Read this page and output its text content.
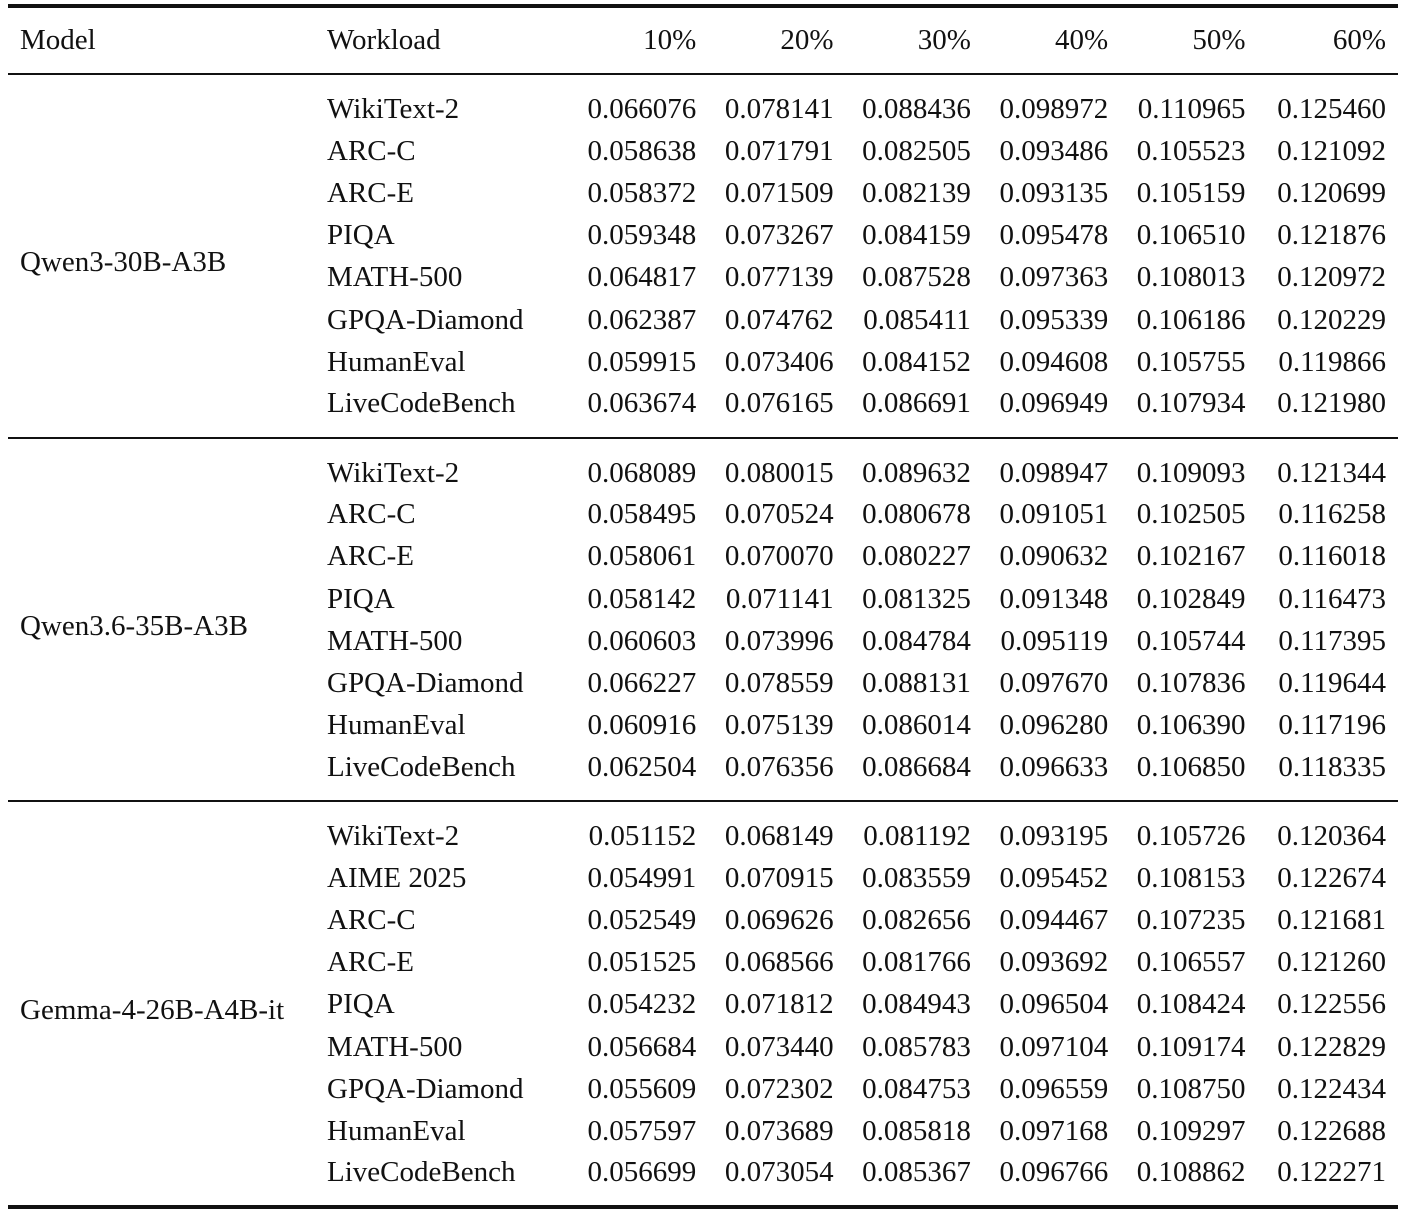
Model	Workload	10%	20%	30%	40%	50%	60%
Qwen3-30B-A3B	WikiText-2	0.066076	0.078141	0.088436	0.098972	0.110965	0.125460
	ARC-C	0.058638	0.071791	0.082505	0.093486	0.105523	0.121092
	ARC-E	0.058372	0.071509	0.082139	0.093135	0.105159	0.120699
	PIQA	0.059348	0.073267	0.084159	0.095478	0.106510	0.121876
	MATH-500	0.064817	0.077139	0.087528	0.097363	0.108013	0.120972
	GPQA-Diamond	0.062387	0.074762	0.085411	0.095339	0.106186	0.120229
	HumanEval	0.059915	0.073406	0.084152	0.094608	0.105755	0.119866
	LiveCodeBench	0.063674	0.076165	0.086691	0.096949	0.107934	0.121980
Qwen3.6-35B-A3B	WikiText-2	0.068089	0.080015	0.089632	0.098947	0.109093	0.121344
	ARC-C	0.058495	0.070524	0.080678	0.091051	0.102505	0.116258
	ARC-E	0.058061	0.070070	0.080227	0.090632	0.102167	0.116018
	PIQA	0.058142	0.071141	0.081325	0.091348	0.102849	0.116473
	MATH-500	0.060603	0.073996	0.084784	0.095119	0.105744	0.117395
	GPQA-Diamond	0.066227	0.078559	0.088131	0.097670	0.107836	0.119644
	HumanEval	0.060916	0.075139	0.086014	0.096280	0.106390	0.117196
	LiveCodeBench	0.062504	0.076356	0.086684	0.096633	0.106850	0.118335
Gemma-4-26B-A4B-it	WikiText-2	0.051152	0.068149	0.081192	0.093195	0.105726	0.120364
	AIME 2025	0.054991	0.070915	0.083559	0.095452	0.108153	0.122674
	ARC-C	0.052549	0.069626	0.082656	0.094467	0.107235	0.121681
	ARC-E	0.051525	0.068566	0.081766	0.093692	0.106557	0.121260
	PIQA	0.054232	0.071812	0.084943	0.096504	0.108424	0.122556
	MATH-500	0.056684	0.073440	0.085783	0.097104	0.109174	0.122829
	GPQA-Diamond	0.055609	0.072302	0.084753	0.096559	0.108750	0.122434
	HumanEval	0.057597	0.073689	0.085818	0.097168	0.109297	0.122688
	LiveCodeBench	0.056699	0.073054	0.085367	0.096766	0.108862	0.122271
